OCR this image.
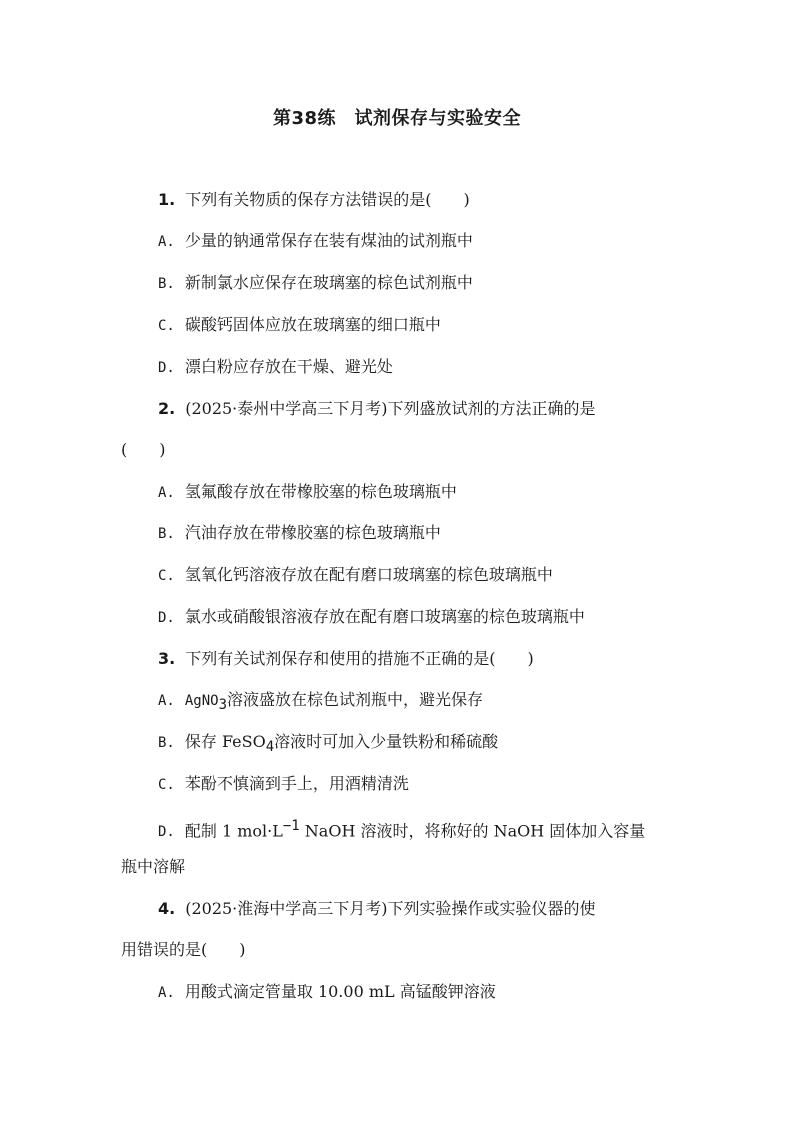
第38练　试剂保存与实验安全
1. 下列有关物质的保存方法错误的是(　　)
A. 少量的钠通常保存在装有煤油的试剂瓶中
B. 新制氯水应保存在玻璃塞的棕色试剂瓶中
C. 碳酸钙固体应放在玻璃塞的细口瓶中
D. 漂白粉应存放在干燥、避光处
2. (2025·泰州中学高三下月考)下列盛放试剂的方法正确的是
(　　)
A. 氢氟酸存放在带橡胶塞的棕色玻璃瓶中
B. 汽油存放在带橡胶塞的棕色玻璃瓶中
C. 氢氧化钙溶液存放在配有磨口玻璃塞的棕色玻璃瓶中
D. 氯水或硝酸银溶液存放在配有磨口玻璃塞的棕色玻璃瓶中
3. 下列有关试剂保存和使用的措施不正确的是(　　)
A. AgNO$_3$溶液盛放在棕色试剂瓶中，避光保存
B. 保存 FeSO$_4$溶液时可加入少量铁粉和稀硫酸
C. 苯酚不慎滴到手上，用酒精清洗
D. 配制 1 $mol\cdot L^{-1}$ NaOH 溶液时，将称好的 NaOH 固体加入容量
瓶中溶解
4. (2025·淮海中学高三下月考)下列实验操作或实验仪器的使
用错误的是(　　)
A. 用酸式滴定管量取 10.00 mL 高锰酸钾溶液
